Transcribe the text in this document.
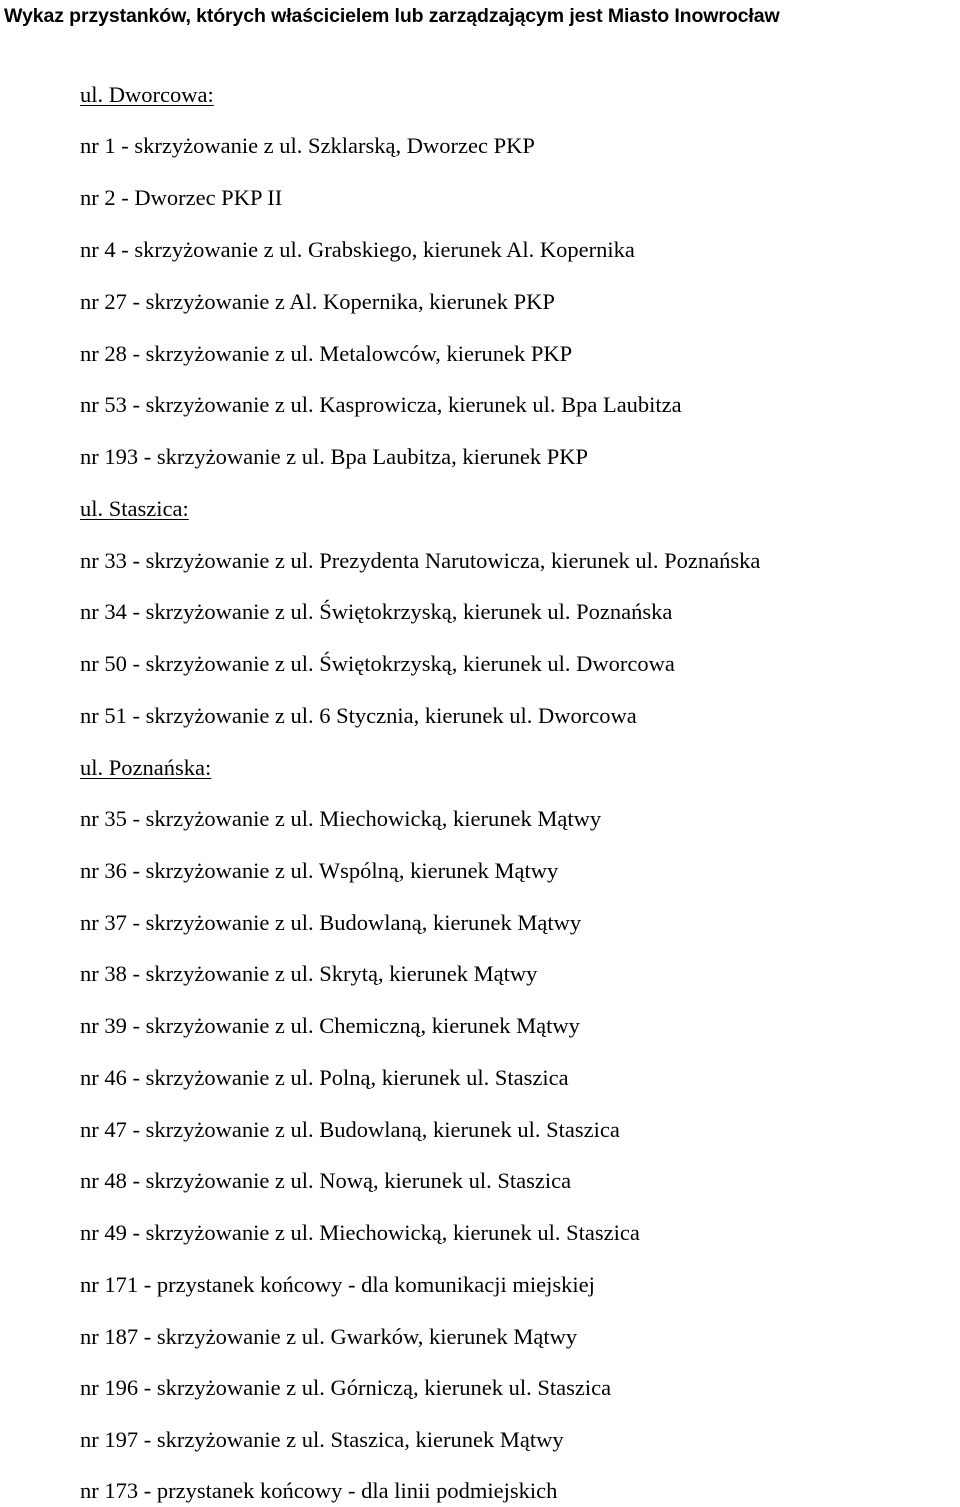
Wykaz przystanków, których właścicielem lub zarządzającym jest Miasto Inowrocław

ul. Dworcowa:

nr 1 - skrzyżowanie z ul. Szklarską, Dworzec PKP

nr 2 - Dworzec PKP II

nr 4 - skrzyżowanie z ul. Grabskiego, kierunek Al. Kopernika

nr 27 - skrzyżowanie z Al. Kopernika, kierunek PKP

nr 28 - skrzyżowanie z ul. Metalowców, kierunek PKP

nr 53 - skrzyżowanie z ul. Kasprowicza, kierunek ul. Bpa Laubitza

nr 193 - skrzyżowanie z ul. Bpa Laubitza, kierunek PKP

ul. Staszica:

nr 33 - skrzyżowanie z ul. Prezydenta Narutowicza, kierunek ul. Poznańska

nr 34 - skrzyżowanie z ul. Świętokrzyską, kierunek ul. Poznańska

nr 50 - skrzyżowanie z ul. Świętokrzyską, kierunek ul. Dworcowa

nr 51 - skrzyżowanie z ul. 6 Stycznia, kierunek ul. Dworcowa

ul. Poznańska:

nr 35 - skrzyżowanie z ul. Miechowicką, kierunek Mątwy

nr 36 - skrzyżowanie z ul. Wspólną, kierunek Mątwy

nr 37 - skrzyżowanie z ul. Budowlaną, kierunek Mątwy

nr 38 - skrzyżowanie z ul. Skrytą, kierunek Mątwy

nr 39 - skrzyżowanie z ul. Chemiczną, kierunek Mątwy

nr 46 - skrzyżowanie z ul. Polną, kierunek ul. Staszica

nr 47 - skrzyżowanie z ul. Budowlaną, kierunek ul. Staszica

nr 48 - skrzyżowanie z ul. Nową, kierunek ul. Staszica

nr 49 - skrzyżowanie z ul. Miechowicką, kierunek ul. Staszica

nr 171 - przystanek końcowy - dla komunikacji miejskiej

nr 187 - skrzyżowanie z ul. Gwarków, kierunek Mątwy

nr 196 - skrzyżowanie z ul. Górniczą, kierunek ul. Staszica

nr 197 - skrzyżowanie z ul. Staszica, kierunek Mątwy

nr 173 - przystanek końcowy - dla linii podmiejskich
